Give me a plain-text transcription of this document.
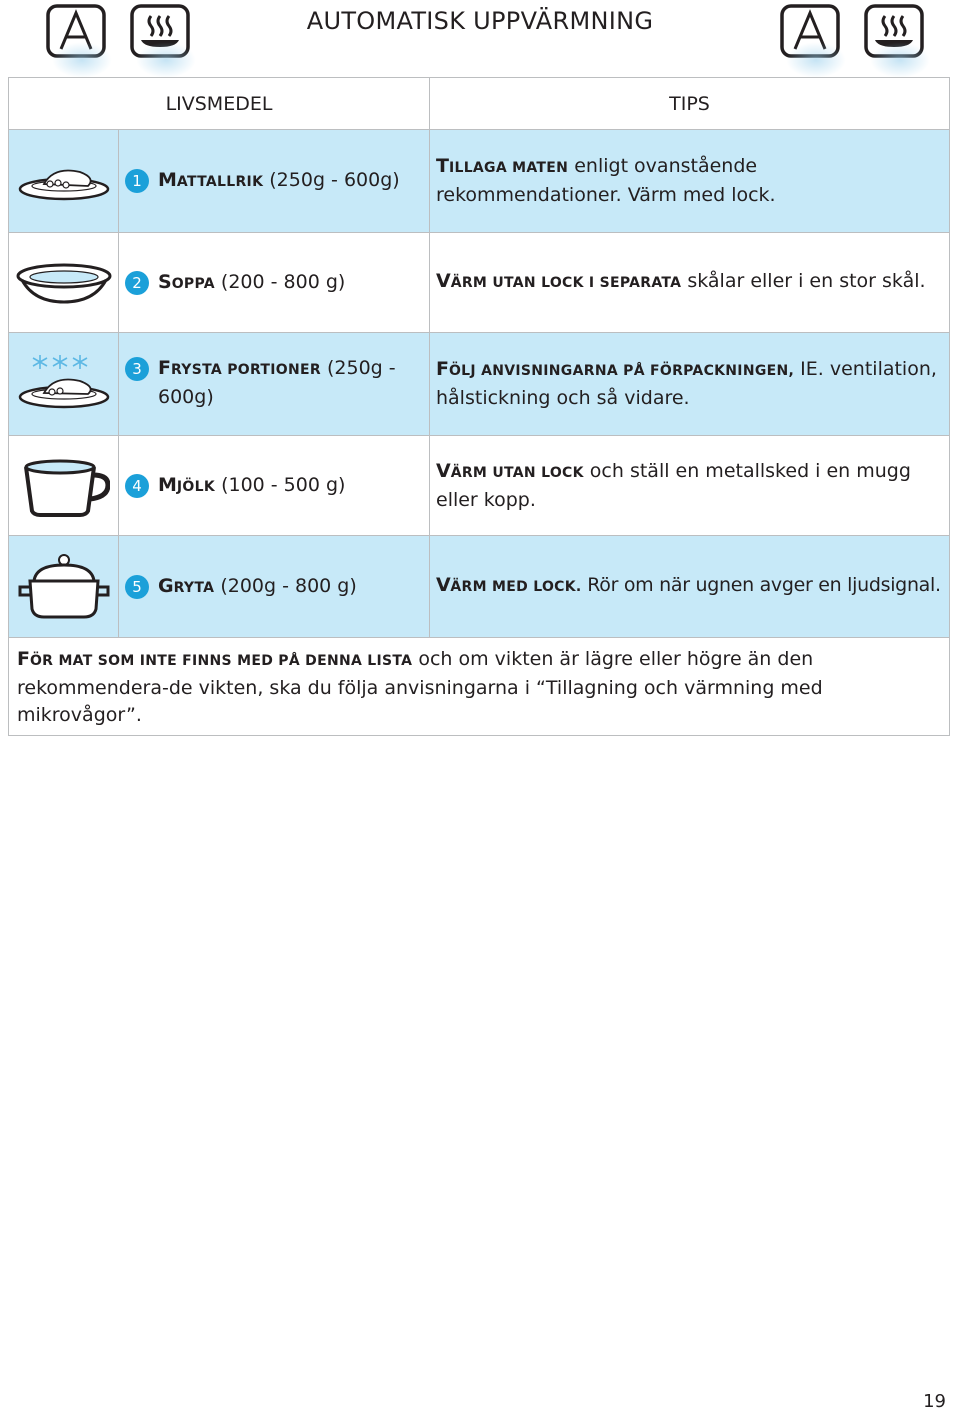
AUTOMATISK UPPVÄRMNING
LIVSMEDEL		TIPS

1 MATTALLRIK (250g - 600g)	TILLAGA MATEN enligt ovanstående rekommendationer. Värm med lock.

2 SOPPA (200 - 800 g)	VÄRM UTAN LOCK I SEPARATA skålar eller i en stor skål.

3 FRYSTA PORTIONER (250g - 600g)	FÖLJ ANVISNINGARNA PÅ FÖRPACKNINGEN, IE. ventilation, hålstickning och så vidare.

4 MJÖLK (100 - 500 g)	VÄRM UTAN LOCK och ställ en metallsked i en mugg eller kopp.

5 GRYTA (200g - 800 g)	VÄRM MED LOCK. Rör om när ugnen avger en ljudsignal.
FÖR MAT SOM INTE FINNS MED PÅ DENNA LISTA och om vikten är lägre eller högre än den rekommendera-de vikten, ska du följa anvisningarna i “Tillagning och värmning med mikrovågor”.		
19
